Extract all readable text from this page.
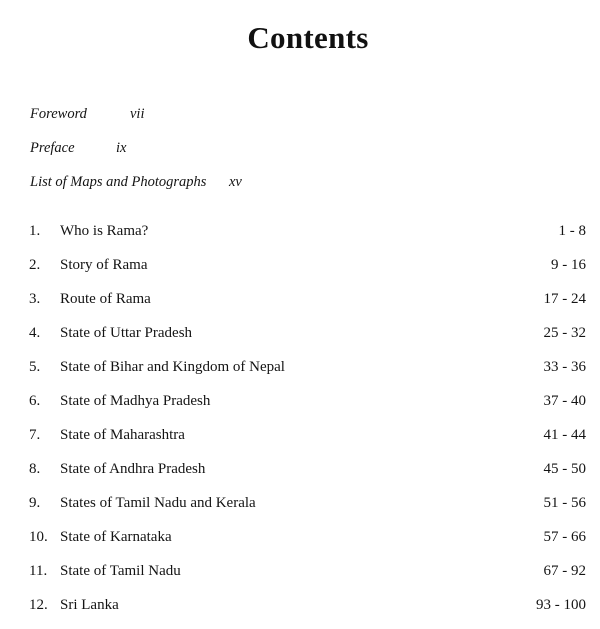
Contents
Foreword	vii
Preface	ix
List of Maps and Photographs xv
1. Who is Rama?	1 - 8
2. Story of Rama	9 - 16
3. Route of Rama	17 - 24
4. State of Uttar Pradesh	25 - 32
5. State of Bihar and Kingdom of Nepal	33 - 36
6. State of Madhya Pradesh	37 - 40
7. State of Maharashtra	41 - 44
8. State of Andhra Pradesh	45 - 50
9. States of Tamil Nadu and Kerala	51 - 56
10. State of Karnataka	57 - 66
11. State of Tamil Nadu	67 - 92
12. Sri Lanka	93 - 100
